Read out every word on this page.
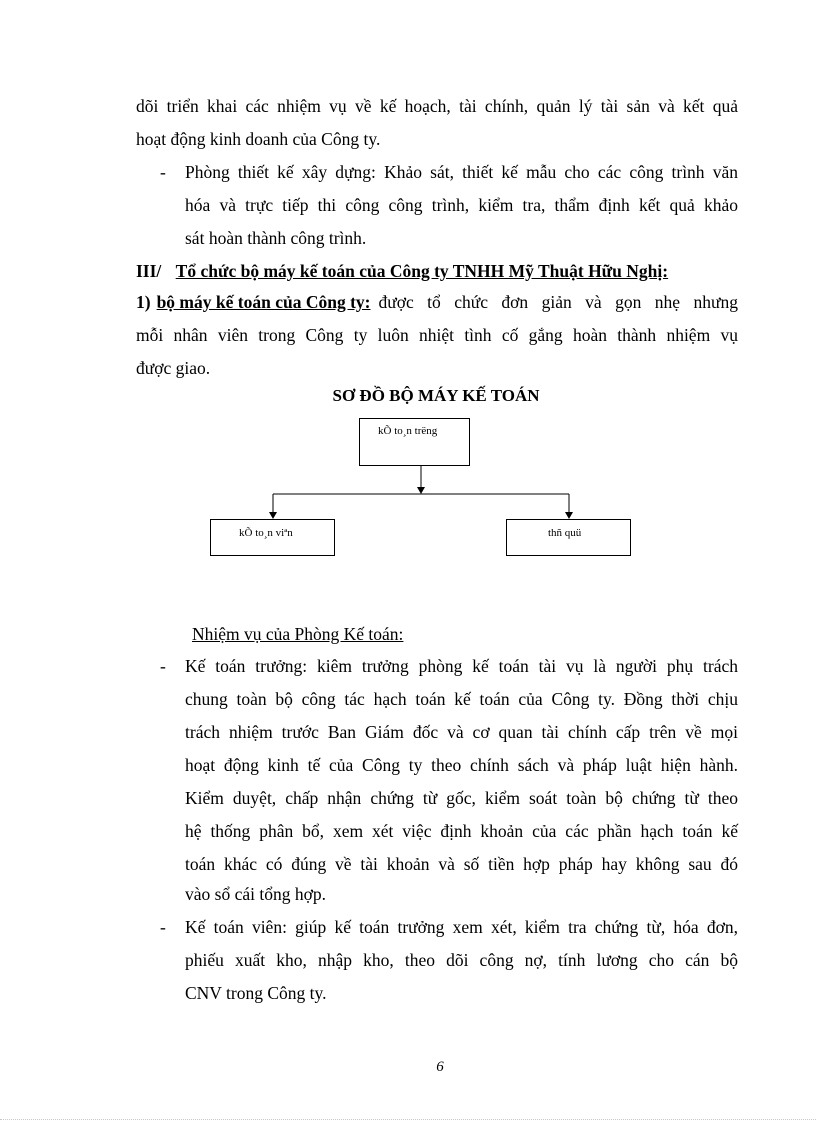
dõi triển khai các nhiệm vụ về kế hoạch, tài chính, quản lý tài sản và kết quả
hoạt động kinh doanh của Công ty.
-	Phòng thiết kế xây dựng: Khảo sát, thiết kế mẫu cho các công trình văn
hóa và trực tiếp thi công công trình, kiểm tra, thẩm định kết quả khảo
sát hoàn thành công trình.
III/ Tổ chức bộ máy kế toán của Công ty TNHH Mỹ Thuật Hữu Nghị:
1) bộ máy kế toán của Công ty: được tổ chức đơn giản và gọn nhẹ nhưng
mỗi nhân viên trong Công ty luôn nhiệt tình cố gắng hoàn thành nhiệm vụ
được giao.
SƠ ĐỒ BỘ MÁY KẾ TOÁN
kÕ to¸n trëng
kÕ to¸n viªn	thñ quü
Nhiệm vụ của Phòng Kế toán:
-	Kế toán trưởng: kiêm trưởng phòng kế toán tài vụ là người phụ trách
chung toàn bộ công tác hạch toán kế toán của Công ty. Đồng thời chịu
trách nhiệm trước Ban Giám đốc và cơ quan tài chính cấp trên về mọi
hoạt động kinh tế của Công ty theo chính sách và pháp luật hiện hành.
Kiểm duyệt, chấp nhận chứng từ gốc, kiểm soát toàn bộ chứng từ theo
hệ thống phân bổ, xem xét việc định khoản của các phần hạch toán kế
toán khác có đúng về tài khoản và số tiền hợp pháp hay không sau đó
vào sổ cái tổng hợp.
-	Kế toán viên: giúp kế toán trưởng xem xét, kiểm tra chứng từ, hóa đơn,
phiếu xuất kho, nhập kho, theo dõi công nợ, tính lương cho cán bộ
CNV trong Công ty.
6
